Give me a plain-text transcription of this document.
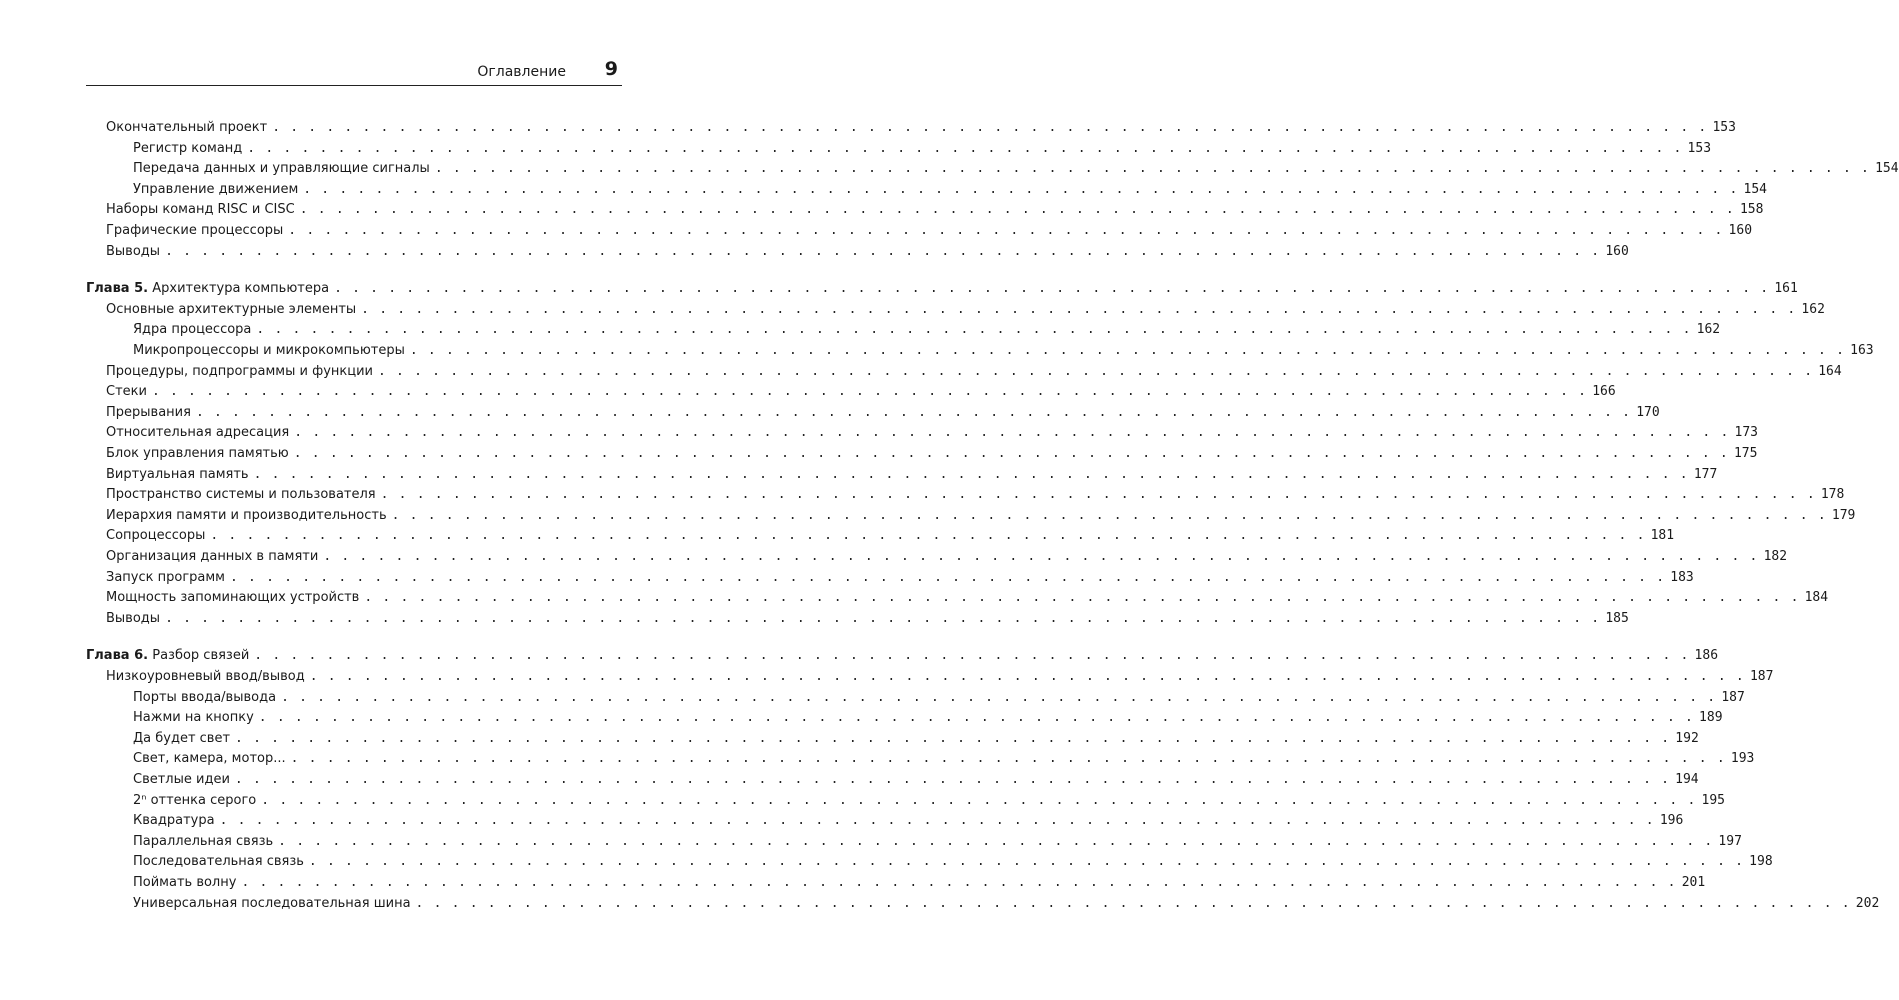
Оглавление 9
Окончательный проект . . . . . . . . . . . . . . . . . . . . . . . . . . . . . . . . . . . . . . . . . . . . . . . . . . . . . . . . . . . . . . . . . . . . . . . . . . . . . . . . 153
Регистр команд . . . . . . . . . . . . . . . . . . . . . . . . . . . . . . . . . . . . . . . . . . . . . . . . . . . . . . . . . . . . . . . . . . . . . . . . . . . . . . . . 153
Передача данных и управляющие сигналы . . . . . . . . . . . . . . . . . . . . . . . . . . . . . . . . . . . . . . . . . . . . . . . . . . . . . . . . . . . . . . . . . . . . . . . . . . . . . . . . 154
Управление движением . . . . . . . . . . . . . . . . . . . . . . . . . . . . . . . . . . . . . . . . . . . . . . . . . . . . . . . . . . . . . . . . . . . . . . . . . . . . . . . . 154
Наборы команд RISC и CISC . . . . . . . . . . . . . . . . . . . . . . . . . . . . . . . . . . . . . . . . . . . . . . . . . . . . . . . . . . . . . . . . . . . . . . . . . . . . . . . . 158
Графические процессоры . . . . . . . . . . . . . . . . . . . . . . . . . . . . . . . . . . . . . . . . . . . . . . . . . . . . . . . . . . . . . . . . . . . . . . . . . . . . . . . . 160
Выводы . . . . . . . . . . . . . . . . . . . . . . . . . . . . . . . . . . . . . . . . . . . . . . . . . . . . . . . . . . . . . . . . . . . . . . . . . . . . . . . . 160
Глава 5. Архитектура компьютера . . . . . . . . . . . . . . . . . . . . . . . . . . . . . . . . . . . . . . . . . . . . . . . . . . . . . . . . . . . . . . . . . . . . . . . . . . . . . . . . 161
Основные архитектурные элементы . . . . . . . . . . . . . . . . . . . . . . . . . . . . . . . . . . . . . . . . . . . . . . . . . . . . . . . . . . . . . . . . . . . . . . . . . . . . . . . . 162
Ядра процессора . . . . . . . . . . . . . . . . . . . . . . . . . . . . . . . . . . . . . . . . . . . . . . . . . . . . . . . . . . . . . . . . . . . . . . . . . . . . . . . . 162
Микропроцессоры и микрокомпьютеры . . . . . . . . . . . . . . . . . . . . . . . . . . . . . . . . . . . . . . . . . . . . . . . . . . . . . . . . . . . . . . . . . . . . . . . . . . . . . . . . 163
Процедуры, подпрограммы и функции . . . . . . . . . . . . . . . . . . . . . . . . . . . . . . . . . . . . . . . . . . . . . . . . . . . . . . . . . . . . . . . . . . . . . . . . . . . . . . . . 164
Стеки . . . . . . . . . . . . . . . . . . . . . . . . . . . . . . . . . . . . . . . . . . . . . . . . . . . . . . . . . . . . . . . . . . . . . . . . . . . . . . . . 166
Прерывания . . . . . . . . . . . . . . . . . . . . . . . . . . . . . . . . . . . . . . . . . . . . . . . . . . . . . . . . . . . . . . . . . . . . . . . . . . . . . . . . 170
Относительная адресация . . . . . . . . . . . . . . . . . . . . . . . . . . . . . . . . . . . . . . . . . . . . . . . . . . . . . . . . . . . . . . . . . . . . . . . . . . . . . . . . 173
Блок управления памятью . . . . . . . . . . . . . . . . . . . . . . . . . . . . . . . . . . . . . . . . . . . . . . . . . . . . . . . . . . . . . . . . . . . . . . . . . . . . . . . . 175
Виртуальная память . . . . . . . . . . . . . . . . . . . . . . . . . . . . . . . . . . . . . . . . . . . . . . . . . . . . . . . . . . . . . . . . . . . . . . . . . . . . . . . . 177
Пространство системы и пользователя . . . . . . . . . . . . . . . . . . . . . . . . . . . . . . . . . . . . . . . . . . . . . . . . . . . . . . . . . . . . . . . . . . . . . . . . . . . . . . . . 178
Иерархия памяти и производительность . . . . . . . . . . . . . . . . . . . . . . . . . . . . . . . . . . . . . . . . . . . . . . . . . . . . . . . . . . . . . . . . . . . . . . . . . . . . . . . . 179
Сопроцессоры . . . . . . . . . . . . . . . . . . . . . . . . . . . . . . . . . . . . . . . . . . . . . . . . . . . . . . . . . . . . . . . . . . . . . . . . . . . . . . . . 181
Организация данных в памяти . . . . . . . . . . . . . . . . . . . . . . . . . . . . . . . . . . . . . . . . . . . . . . . . . . . . . . . . . . . . . . . . . . . . . . . . . . . . . . . . 182
Запуск программ . . . . . . . . . . . . . . . . . . . . . . . . . . . . . . . . . . . . . . . . . . . . . . . . . . . . . . . . . . . . . . . . . . . . . . . . . . . . . . . . 183
Мощность запоминающих устройств . . . . . . . . . . . . . . . . . . . . . . . . . . . . . . . . . . . . . . . . . . . . . . . . . . . . . . . . . . . . . . . . . . . . . . . . . . . . . . . . 184
Выводы . . . . . . . . . . . . . . . . . . . . . . . . . . . . . . . . . . . . . . . . . . . . . . . . . . . . . . . . . . . . . . . . . . . . . . . . . . . . . . . . 185
Глава 6. Разбор связей . . . . . . . . . . . . . . . . . . . . . . . . . . . . . . . . . . . . . . . . . . . . . . . . . . . . . . . . . . . . . . . . . . . . . . . . . . . . . . . . 186
Низкоуровневый ввод/вывод . . . . . . . . . . . . . . . . . . . . . . . . . . . . . . . . . . . . . . . . . . . . . . . . . . . . . . . . . . . . . . . . . . . . . . . . . . . . . . . . 187
Порты ввода/вывода . . . . . . . . . . . . . . . . . . . . . . . . . . . . . . . . . . . . . . . . . . . . . . . . . . . . . . . . . . . . . . . . . . . . . . . . . . . . . . . . 187
Нажми на кнопку . . . . . . . . . . . . . . . . . . . . . . . . . . . . . . . . . . . . . . . . . . . . . . . . . . . . . . . . . . . . . . . . . . . . . . . . . . . . . . . . 189
Да будет свет . . . . . . . . . . . . . . . . . . . . . . . . . . . . . . . . . . . . . . . . . . . . . . . . . . . . . . . . . . . . . . . . . . . . . . . . . . . . . . . . 192
Свет, камера, мотор... . . . . . . . . . . . . . . . . . . . . . . . . . . . . . . . . . . . . . . . . . . . . . . . . . . . . . . . . . . . . . . . . . . . . . . . . . . . . . . . . 193
Светлые идеи . . . . . . . . . . . . . . . . . . . . . . . . . . . . . . . . . . . . . . . . . . . . . . . . . . . . . . . . . . . . . . . . . . . . . . . . . . . . . . . . 194
2ⁿ оттенка серого . . . . . . . . . . . . . . . . . . . . . . . . . . . . . . . . . . . . . . . . . . . . . . . . . . . . . . . . . . . . . . . . . . . . . . . . . . . . . . . . 195
Квадратура . . . . . . . . . . . . . . . . . . . . . . . . . . . . . . . . . . . . . . . . . . . . . . . . . . . . . . . . . . . . . . . . . . . . . . . . . . . . . . . . 196
Параллельная связь . . . . . . . . . . . . . . . . . . . . . . . . . . . . . . . . . . . . . . . . . . . . . . . . . . . . . . . . . . . . . . . . . . . . . . . . . . . . . . . . 197
Последовательная связь . . . . . . . . . . . . . . . . . . . . . . . . . . . . . . . . . . . . . . . . . . . . . . . . . . . . . . . . . . . . . . . . . . . . . . . . . . . . . . . . 198
Поймать волну . . . . . . . . . . . . . . . . . . . . . . . . . . . . . . . . . . . . . . . . . . . . . . . . . . . . . . . . . . . . . . . . . . . . . . . . . . . . . . . . 201
Универсальная последовательная шина . . . . . . . . . . . . . . . . . . . . . . . . . . . . . . . . . . . . . . . . . . . . . . . . . . . . . . . . . . . . . . . . . . . . . . . . . . . . . . . . 202
